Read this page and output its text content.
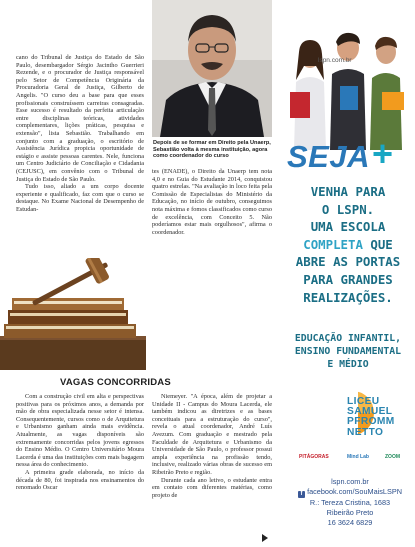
cano do Tribunal de Justiça do Estado de São Paulo, desembargador Sérgio Jacintho Guerrieri Rezende, e o procurador de Justiça responsável pelo Setor de Competência Originária da Procuradoria Geral de Justiça, Gilberto de Angelis. "O curso deu a base para que esses profissionais construíssem carreiras consagradas. Esse sucesso é resultado da perfeita articulação entre disciplinas teóricas, atividades complementares, lições práticas, pesquisa e extensão", lista Sebastião. Trabalhando em conjunto com a graduação, o escritório de Assistência Jurídica propicia oportunidade de estágio e assiste pessoas carentes. Nele, funciona um Centro Judiciário de Conciliação e Cidadania (CEJUSC), em convênio com o Tribunal de Justiça do Estado de São Paulo.

Tudo isso, aliado a um corpo docente experiente e qualificado, faz com que o curso se destaque. No Exame Nacional de Desempenho de Estudan-

Depois de se formar em Direito pela Unaerp, Sebastião volta à mesma instituição, agora como coordenador do curso

tes (ENADE), o Direito da Unaerp tem nota 4,0 e no Guia do Estudante 2014, conquistou quatro estrelas. "Na avaliação in loco feita pela Comissão de Especialistas do Ministério da Educação, no início de outubro, conseguimos nota máxima e fomos classificados como curso de excelência, com Conceito 5. Não poderíamos estar mais orgulhosos", afirma o coordenador.

VAGAS CONCORRIDAS

Com a construção civil em alta e perspectivas positivas para os próximos anos, a demanda por mão de obra especializada nesse setor é intensa. Consequentemente, cursos como o de Arquitetura e Urbanismo ganham ainda mais evidência. Atualmente, as vagas disponíveis são extremamente concorridas pelos jovens egressos do Ensino Médio. O Centro Universitário Moura Lacerda é uma das instituições com mais bagagem nessa área do conhecimento.

A primeira grade elaborada, no início da década de 80, foi inspirada nos ensinamentos do renomado Oscar

Niemeyer. "A época, além de projetar a Unidade II - Campus do Moura Lacerda, ele também indicou as diretrizes e as bases conceituais para a estruturação do curso", revela o atual coordenador, André Luís Avezum. Com graduação e mestrado pela Faculdade de Arquitetura e Urbanismo da Universidade de São Paulo, o professor possui ampla experiência na profissão tendo, inclusive, realizado várias obras de sucesso em Ribeirão Preto e região.

Durante cada ano letivo, o estudante entra em contato com diferentes matérias, como projeto de

lspn.com.br
SEJA +
VENHA PARA
O LSPN.
UMA ESCOLA
COMPLETA QUE
ABRE AS PORTAS
PARA GRANDES
REALIZAÇÕES.
EDUCAÇÃO INFANTIL,
ENSINO FUNDAMENTAL
E MÉDIO
LICEU
SAMUEL
PFROMM
NETTO
PITÁGORAS	Mind Lab	ZOOM
lspn.com.br
f facebook.com/SouMaisLSPN
R.: Tereza Cristina, 1683
Ribeirão Preto
16 3624 6829
